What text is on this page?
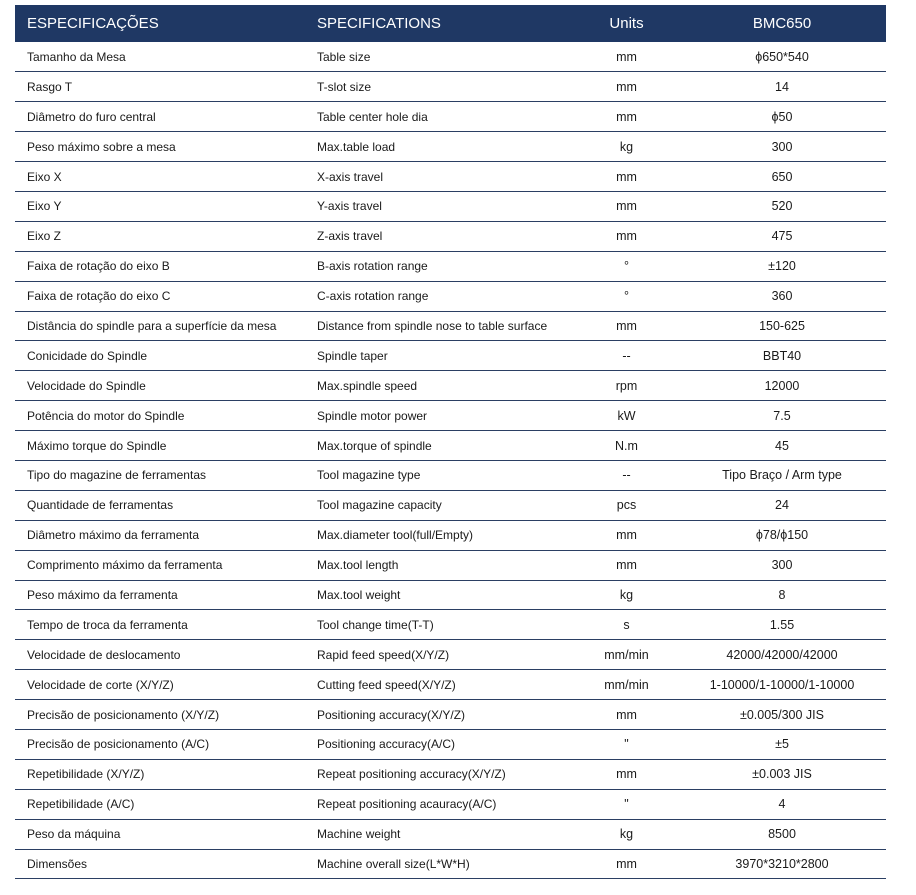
ESPECIFICAÇÕES	SPECIFICATIONS	Units	BMC650
Tamanho da Mesa	Table size	mm	ϕ650*540
Rasgo T	T-slot size	mm	14
Diâmetro do furo central	Table center hole dia	mm	ϕ50
Peso máximo sobre a mesa	Max.table load	kg	300
Eixo X	X-axis travel	mm	650
Eixo Y	Y-axis travel	mm	520
Eixo Z	Z-axis travel	mm	475
Faixa de rotação do eixo B	B-axis rotation range	°	±120
Faixa de rotação do eixo C	C-axis rotation range	°	360
Distância do spindle para a superfície da mesa	Distance from spindle nose to table surface	mm	150-625
Conicidade do Spindle	Spindle taper	--	BBT40
Velocidade do Spindle	Max.spindle speed	rpm	12000
Potência do motor do Spindle	Spindle motor power	kW	7.5
Máximo torque do Spindle	Max.torque of spindle	N.m	45
Tipo do magazine de ferramentas	Tool magazine type	--	Tipo Braço / Arm type
Quantidade de ferramentas	Tool magazine capacity	pcs	24
Diâmetro máximo da ferramenta	Max.diameter tool(full/Empty)	mm	ϕ78/ϕ150
Comprimento máximo da ferramenta	Max.tool length	mm	300
Peso máximo da ferramenta	Max.tool weight	kg	8
Tempo de troca da ferramenta	Tool change time(T-T)	s	1.55
Velocidade de deslocamento	Rapid feed speed(X/Y/Z)	mm/min	42000/42000/42000
Velocidade de corte (X/Y/Z)	Cutting feed speed(X/Y/Z)	mm/min	1-10000/1-10000/1-10000
Precisão de posicionamento (X/Y/Z)	Positioning accuracy(X/Y/Z)	mm	±0.005/300 JIS
Precisão de posicionamento (A/C)	Positioning accuracy(A/C)	"	±5
Repetibilidade (X/Y/Z)	Repeat positioning accuracy(X/Y/Z)	mm	±0.003 JIS
Repetibilidade (A/C)	Repeat positioning acauracy(A/C)	"	4
Peso da máquina	Machine weight	kg	8500
Dimensões	Machine overall size(L*W*H)	mm	3970*3210*2800
